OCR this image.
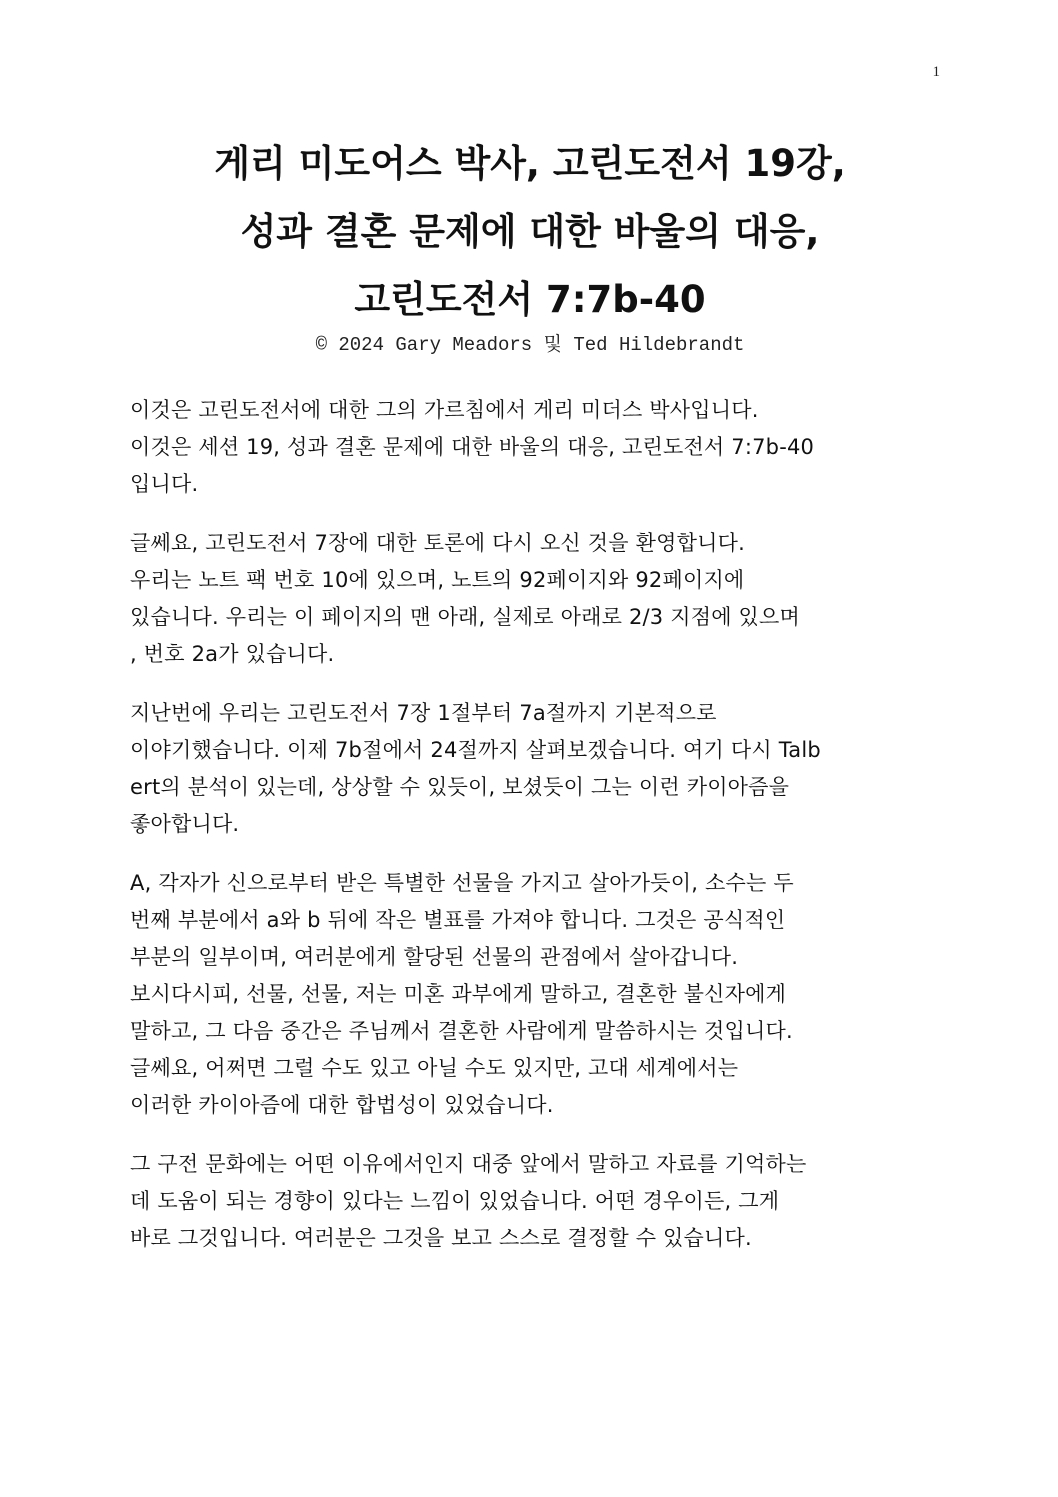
1
게리 미도어스 박사, 고린도전서 19강,
성과 결혼 문제에 대한 바울의 대응,
고린도전서 7:7b-40
© 2024 Gary Meadors 및 Ted Hildebrandt
이것은 고린도전서에 대한 그의 가르침에서 게리 미더스 박사입니다.
이것은 세션 19, 성과 결혼 문제에 대한 바울의 대응, 고린도전서 7:7b-40
입니다.
글쎄요, 고린도전서 7장에 대한 토론에 다시 오신 것을 환영합니다.
우리는 노트 팩 번호 10에 있으며, 노트의 92페이지와 92페이지에
있습니다. 우리는 이 페이지의 맨 아래, 실제로 아래로 2/3 지점에 있으며
, 번호 2a가 있습니다.
지난번에 우리는 고린도전서 7장 1절부터 7a절까지 기본적으로
이야기했습니다. 이제 7b절에서 24절까지 살펴보겠습니다. 여기 다시 Talb
ert의 분석이 있는데, 상상할 수 있듯이, 보셨듯이 그는 이런 카이아즘을
좋아합니다.
A, 각자가 신으로부터 받은 특별한 선물을 가지고 살아가듯이, 소수는 두
번째 부분에서 a와 b 뒤에 작은 별표를 가져야 합니다. 그것은 공식적인
부분의 일부이며, 여러분에게 할당된 선물의 관점에서 살아갑니다.
보시다시피, 선물, 선물, 저는 미혼 과부에게 말하고, 결혼한 불신자에게
말하고, 그 다음 중간은 주님께서 결혼한 사람에게 말씀하시는 것입니다.
글쎄요, 어쩌면 그럴 수도 있고 아닐 수도 있지만, 고대 세계에서는
이러한 카이아즘에 대한 합법성이 있었습니다.
그 구전 문화에는 어떤 이유에서인지 대중 앞에서 말하고 자료를 기억하는
데 도움이 되는 경향이 있다는 느낌이 있었습니다. 어떤 경우이든, 그게
바로 그것입니다. 여러분은 그것을 보고 스스로 결정할 수 있습니다.
